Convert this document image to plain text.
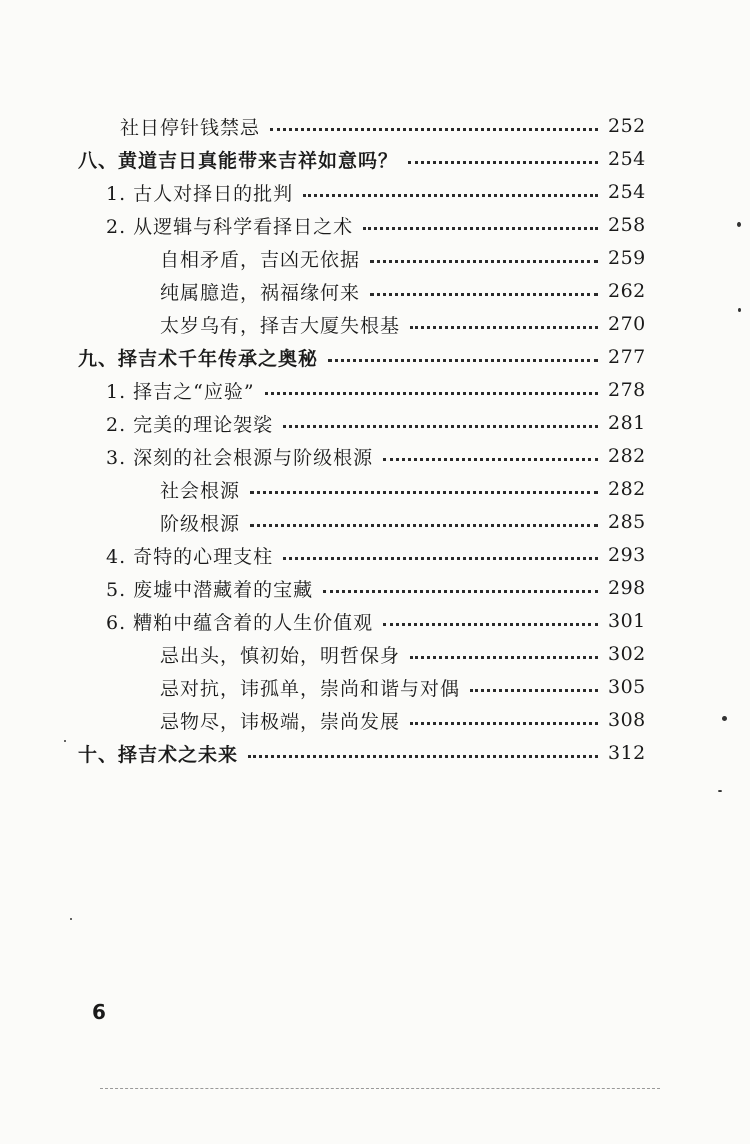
社日停针钱禁忌	252
八、黄道吉日真能带来吉祥如意吗？	254
1. 古人对择日的批判	254
2. 从逻辑与科学看择日之术	258
自相矛盾，吉凶无依据	259
纯属臆造，祸福缘何来	262
太岁乌有，择吉大厦失根基	270
九、择吉术千年传承之奥秘	277
1. 择吉之“应验”	278
2. 完美的理论袈裟	281
3. 深刻的社会根源与阶级根源	282
社会根源	282
阶级根源	285
4. 奇特的心理支柱	293
5. 废墟中潜藏着的宝藏	298
6. 糟粕中蕴含着的人生价值观	301
忌出头，慎初始，明哲保身	302
忌对抗，讳孤单，崇尚和谐与对偶	305
忌物尽，讳极端，崇尚发展	308
十、择吉术之未来	312
6
